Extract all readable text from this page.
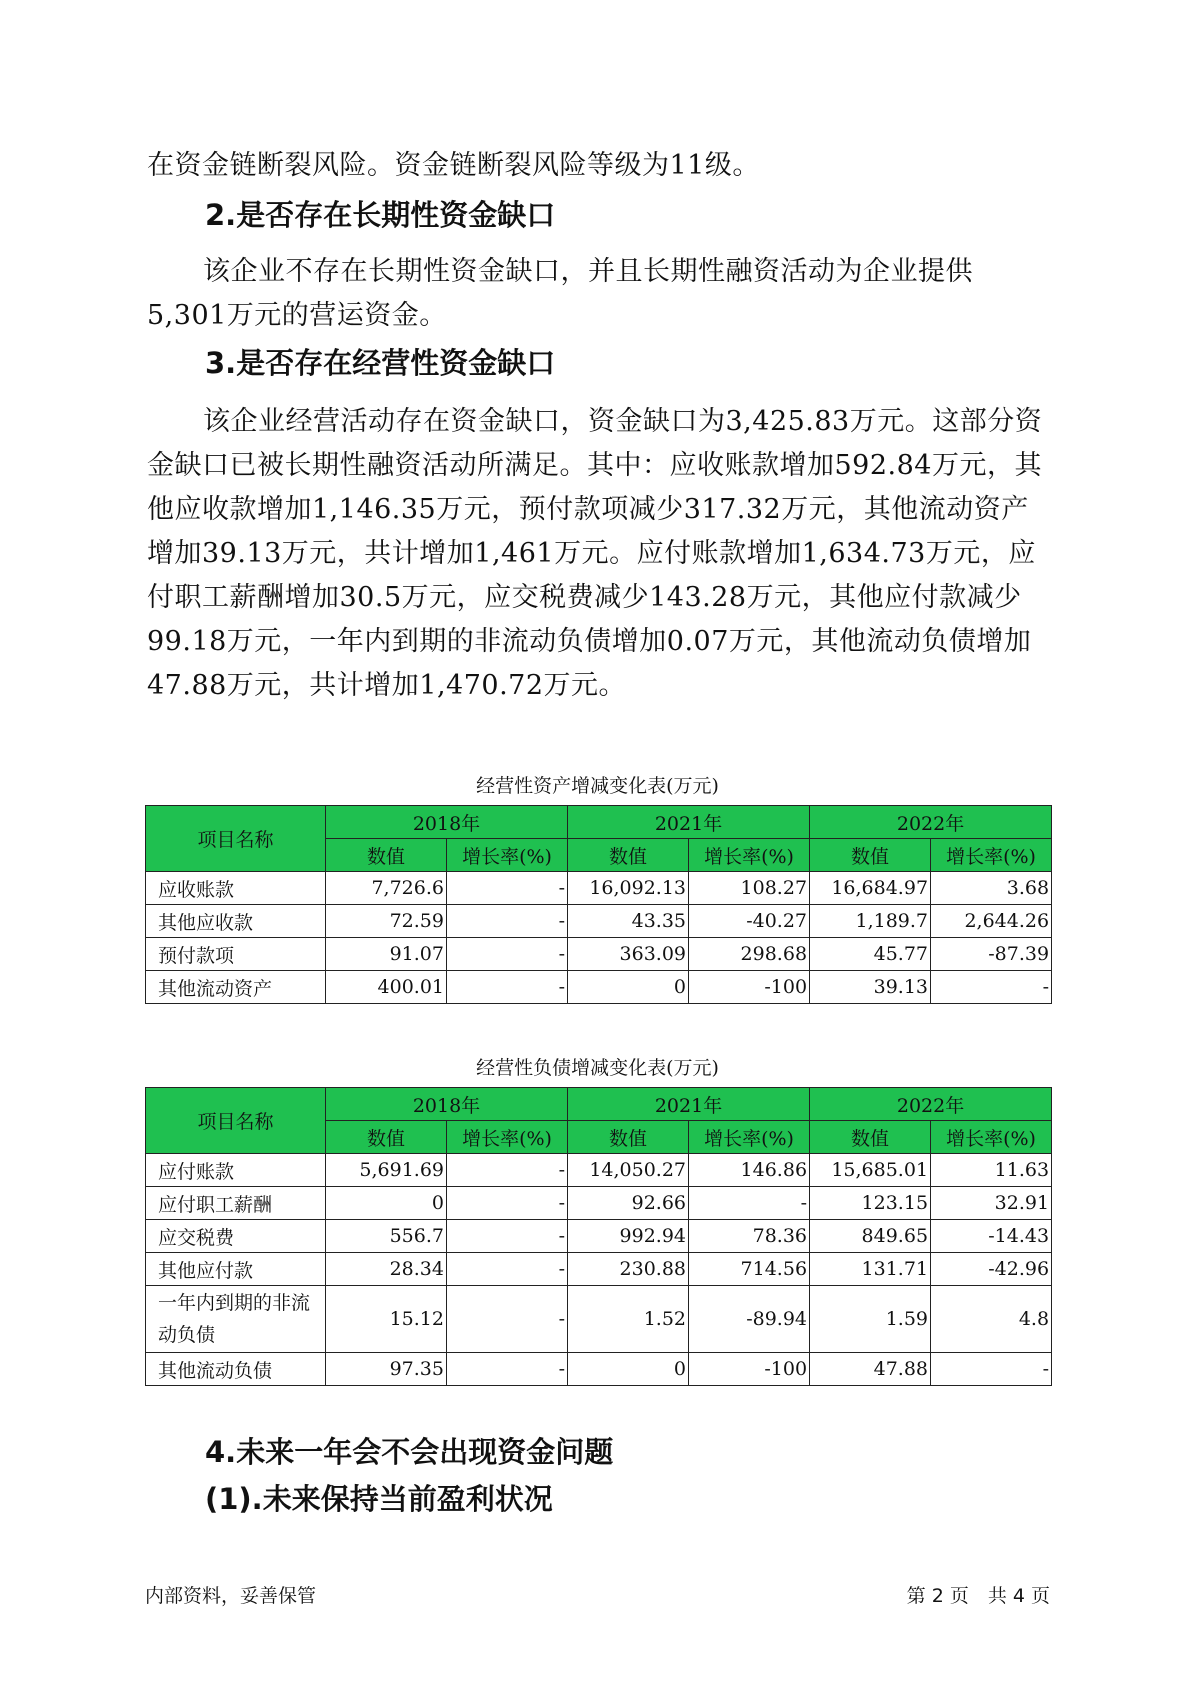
在资金链断裂风险。资金链断裂风险等级为11级。

2.是否存在长期性资金缺口

该企业不存在长期性资金缺口，并且长期性融资活动为企业提供5,301万元的营运资金。

3.是否存在经营性资金缺口

该企业经营活动存在资金缺口，资金缺口为3,425.83万元。这部分资金缺口已被长期性融资活动所满足。其中：应收账款增加592.84万元，其他应收款增加1,146.35万元，预付款项减少317.32万元，其他流动资产增加39.13万元，共计增加1,461万元。应付账款增加1,634.73万元，应付职工薪酬增加30.5万元，应交税费减少143.28万元，其他应付款减少99.18万元，一年内到期的非流动负债增加0.07万元，其他流动负债增加47.88万元，共计增加1,470.72万元。

经营性资产增减变化表(万元)

项目名称	2018年		2021年		2022年	
	数值	增长率(%)	数值	增长率(%)	数值	增长率(%)
应收账款	7,726.6	-	16,092.13	108.27	16,684.97	3.68
其他应收款	72.59	-	43.35	-40.27	1,189.7	2,644.26
预付款项	91.07	-	363.09	298.68	45.77	-87.39
其他流动资产	400.01	-	0	-100	39.13	-

经营性负债增减变化表(万元)

项目名称	2018年		2021年		2022年	
	数值	增长率(%)	数值	增长率(%)	数值	增长率(%)
应付账款	5,691.69	-	14,050.27	146.86	15,685.01	11.63
应付职工薪酬	0	-	92.66	-	123.15	32.91
应交税费	556.7	-	992.94	78.36	849.65	-14.43
其他应付款	28.34	-	230.88	714.56	131.71	-42.96
一年内到期的非流动负债	15.12	-	1.52	-89.94	1.59	4.8
其他流动负债	97.35	-	0	-100	47.88	-
4.未来一年会不会出现资金问题
(1).未来保持当前盈利状况
内部资料，妥善保管	第 2 页　共 4 页
